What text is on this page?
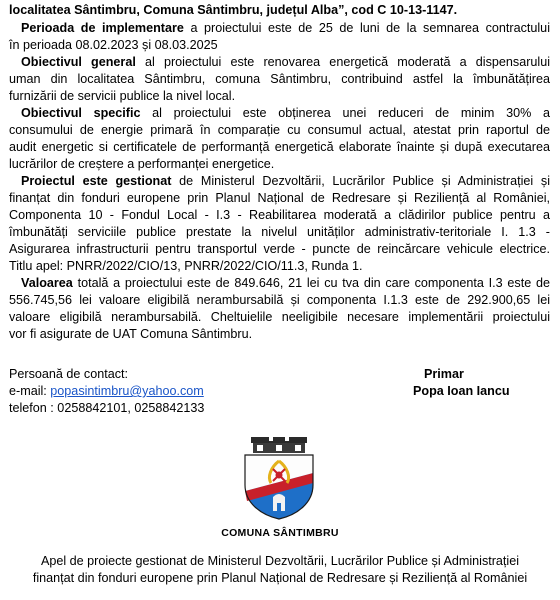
localitatea Sântimbru, Comuna Sântimbru, județul Alba”, cod C 10-13-1147.
Perioada de implementare a proiectului este de 25 de luni de la semnarea contractului
în perioada 08.02.2023 și 08.03.2025
Obiectivul general al proiectului este renovarea energetică moderată a dispensarului
uman din localitatea Sântimbru, comuna Sântimbru, contribuind astfel la îmbunătățirea
furnizării de servicii publice la nivel local.
Obiectivul specific al proiectului este obținerea unei reduceri de minim 30% a
consumului de energie primară în comparație cu consumul actual, atestat prin raportul de
audit energetic si certificatele de performanță energetică elaborate înainte și după executarea
lucrărilor de creștere a performanței energetice.
Proiectul este gestionat de Ministerul Dezvoltării, Lucrărilor Publice și Administrației și
finanțat din fonduri europene prin Planul Național de Redresare și Reziliență al României,
Componenta 10 - Fondul Local - I.3 - Reabilitarea moderată a clădirilor publice pentru a
îmbunătăți serviciile publice prestate la nivelul unităților administrativ-teritoriale I. 1.3 -
Asigurarea infrastructurii pentru transportul verde - puncte de reincărcare vehicule electrice.
Titlu apel: PNRR/2022/CIO/13, PNRR/2022/CIO/11.3, Runda 1.
Valoarea totală a proiectului este de 849.646, 21 lei cu tva din care componenta I.3 este de
556.745,56 lei valoare eligibilă nerambursabilă și componenta I.1.3 este de 292.900,65 lei
valoare eligibilă nerambursabilă. Cheltuielile neeligibile necesare implementării proiectului
vor fi asigurate de UAT Comuna Sântimbru.
Persoană de contact:
e-mail: popasintimbru@yahoo.com
telefon : 0258842101, 0258842133
Primar
Popa Ioan Iancu
COMUNA SÂNTIMBRU
Apel de proiecte gestionat de Ministerul Dezvoltării, Lucrărilor Publice și Administrației
finanțat din fonduri europene prin Planul Național de Redresare și Reziliență al României
